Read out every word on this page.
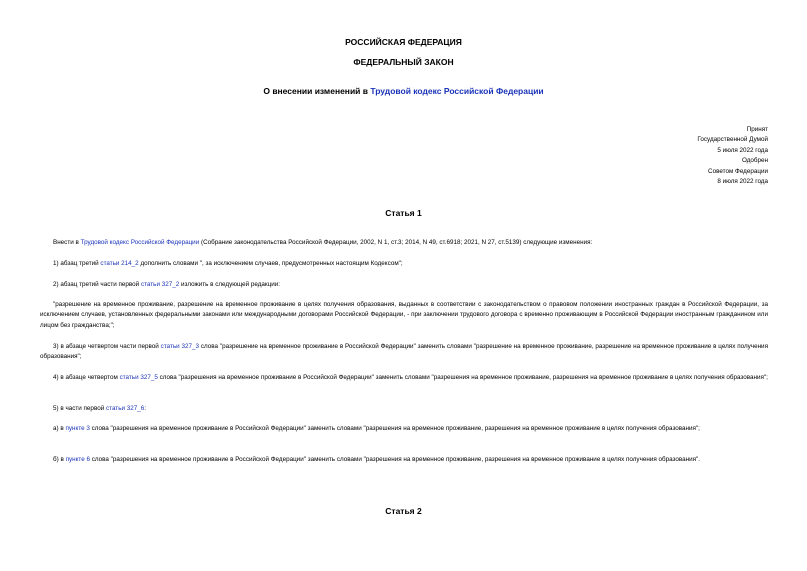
РОССИЙСКАЯ ФЕДЕРАЦИЯ
ФЕДЕРАЛЬНЫЙ ЗАКОН
О внесении изменений в Трудовой кодекс Российской Федерации
Принят
Государственной Думой
5 июля 2022 года
Одобрен
Советом Федерации
8 июля 2022 года
Статья 1
Внести в Трудовой кодекс Российской Федерации (Собрание законодательства Российской Федерации, 2002, N 1, ст.3; 2014, N 49, ст.6918; 2021, N 27, ст.5139) следующие изменения:
1) абзац третий статьи 214_2 дополнить словами ", за исключением случаев, предусмотренных настоящим Кодексом";
2) абзац третий части первой статьи 327_2 изложить в следующей редакции:
"разрешение на временное проживание, разрешение на временное проживание в целях получения образования, выданных в соответствии с законодательством о правовом положении иностранных граждан в Российской Федерации, за исключением случаев, установленных федеральными законами или международными договорами Российской Федерации, - при заключении трудового договора с временно проживающим в Российской Федерации иностранным гражданином или лицом без гражданства;";
3) в абзаце четвертом части первой статьи 327_3 слова "разрешение на временное проживание в Российской Федерации" заменить словами "разрешение на временное проживание, разрешение на временное проживание в целях получения образования";
4) в абзаце четвертом статьи 327_5 слова "разрешения на временное проживание в Российской Федерации" заменить словами "разрешения на временное проживание, разрешения на временное проживание в целях получения образования";
5) в части первой статьи 327_6:
а) в пункте 3 слова "разрешения на временное проживание в Российской Федерации" заменить словами "разрешения на временное проживание, разрешения на временное проживание в целях получения образования";
б) в пункте 6 слова "разрешения на временное проживание в Российской Федерации" заменить словами "разрешения на временное проживание, разрешения на временное проживание в целях получения образования".
Статья 2
